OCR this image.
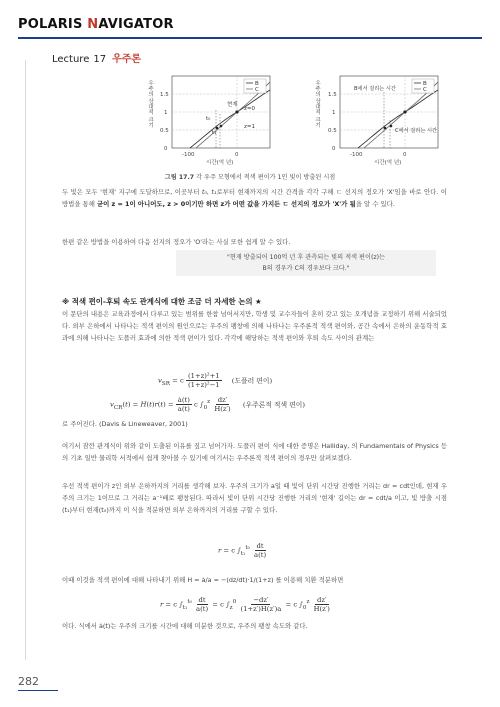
POLARIS NAVIGATOR
Lecture 17 우주론
우주의 상대적 크기	현재
z=0
z=1
t₀
t₁
B
C
0
0.5
1
1.5
-100	0
시간(억 년)
우주의 상대적 크기	B에서 걸리는 시간
C에서 걸리는 시간
B
C
0
0.5
1
1.5
-100	0
시간(억 년)
그림 17.7 각 우주 모형에서 적색 편이가 1인 빛이 방출된 시점
두 빛은 모두 '현재' 지구에 도달하므로, 이곳부터 t₀, t₁로부터 현재까지의 시간 간격을 각각 구해 ㄷ 선지의 정오가 'X'임을 바로 안다. 이 방법을 통해 굳이 z = 1이 아니어도, z > 0이기만 하면 z가 어떤 값을 가지든 ㄷ 선지의 정오가 'X'가 됨을 알 수 있다.
한편 같은 방법을 이용하여 다음 선지의 정오가 'O'라는 사실 또한 쉽게 알 수 있다.
"현재 방출되어 100억 년 후 관측되는 빛의 적색 편이(z)는
B의 경우가 C의 경우보다 크다."
※ 적색 편이-후퇴 속도 관계식에 대한 조금 더 자세한 논의 ★
이 문단의 내용은 교육과정에서 다루고 있는 범위를 한참 넘어서지만, 학생 및 교수자들이 혼히 갖고 있는 오개념을 교정하기 위해 서술되었다. 외부 은하에서 나타나는 적색 편이의 원인으로는 우주의 팽창에 의해 나타나는 우주론적 적색 편이와, 공간 속에서 은하의 운동학적 효과에 의해 나타나는 도플러 효과에 의한 적색 편이가 있다. 각각에 해당하는 적색 편이와 후퇴 속도 사이의 관계는
$v_{SR} = c \frac{\text{(1+z)²+1}}{\text{(1+z)²−1}}$ (도플러 편이)
$v_{CR}(t) = H(t)r(t) = \frac{ȧ(t)}{a(t)}$ c $\int_0^z \frac{dz'}{H(z')}$ (우주론적 적색 편이)
로 주어진다. (Davis & Lineweaver, 2001)
여기서 잠깐 관계식이 위와 같이 도출된 이유를 짚고 넘어가자. 도플러 편이 식에 대한 증명은 Halliday, 의 Fundamentals of Physics 등의 기초 일반 물리학 서적에서 쉽게 찾아볼 수 있기에 여기서는 우주론적 적색 편이의 경우만 살펴보겠다.
우선 적색 편이가 z인 외부 은하까지의 거리를 생각해 보자. 우주의 크기가 a일 때 빛이 단위 시간당 진행한 거리는 dr = cdt인데, 현재 우주의 크기는 1이므로 그 거리는 a⁻¹배로 팽창된다. 따라서 빛이 단위 시간당 진행한 거리의 '현재' 길이는 dr = cdt/a 이고, 빛 방출 시점(t₁)부터 현재(t₀)까지 이 식을 적분하면 외부 은하까지의 거리를 구할 수 있다.
r = c $\int_{t_1}^{t_0} \frac{dt}{a(t)}$
이때 이것을 적색 편이에 대해 나타내기 위해 H = ȧ/a = −(dz/dt)·1/(1+z) 를 이용해 치환 적분하면
r = c $\int_{t_1}^{t_0} \frac{dt}{a(t)} = c$ $\int_z^0 \frac{-dz'}{(1+z')H(z')a} = c$ $\int_0^z \frac{dz'}{H(z')}$
이다. 식에서 ȧ(t)는 우주의 크기를 시간에 대해 미분한 것으로, 우주의 팽창 속도와 같다.
282
